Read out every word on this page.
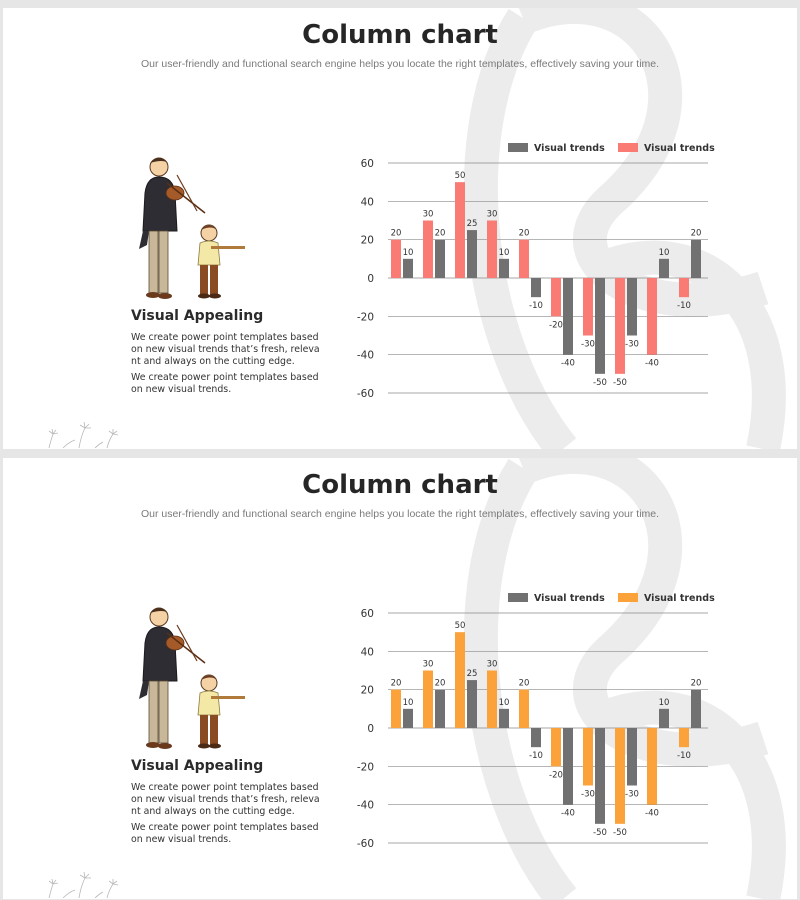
Column chart
Our user-friendly and functional search engine helps you locate the right templates, effectively saving your time.
Visual Appealing
We create power point templates based on new visual trends that’s fresh, releva nt and always on the cutting edge.
We create power point templates based on new visual trends.
60
40
20
0
-20
-40
-60
Visual trends	Visual trends
20
10
30
20
50
25
30
10
20
-10
-20
-40
-30
-50 -50
-30
-40
10
-10
20
Column chart
Our user-friendly and functional search engine helps you locate the right templates, effectively saving your time.
Visual Appealing
We create power point templates based on new visual trends that’s fresh, releva nt and always on the cutting edge.
We create power point templates based on new visual trends.
60
40
20
0
-20
-40
-60
Visual trends	Visual trends
20
10
30
20
50
25
30
10
20
-10
-20
-40
-30
-50 -50
-30
-40
10
-10
20
